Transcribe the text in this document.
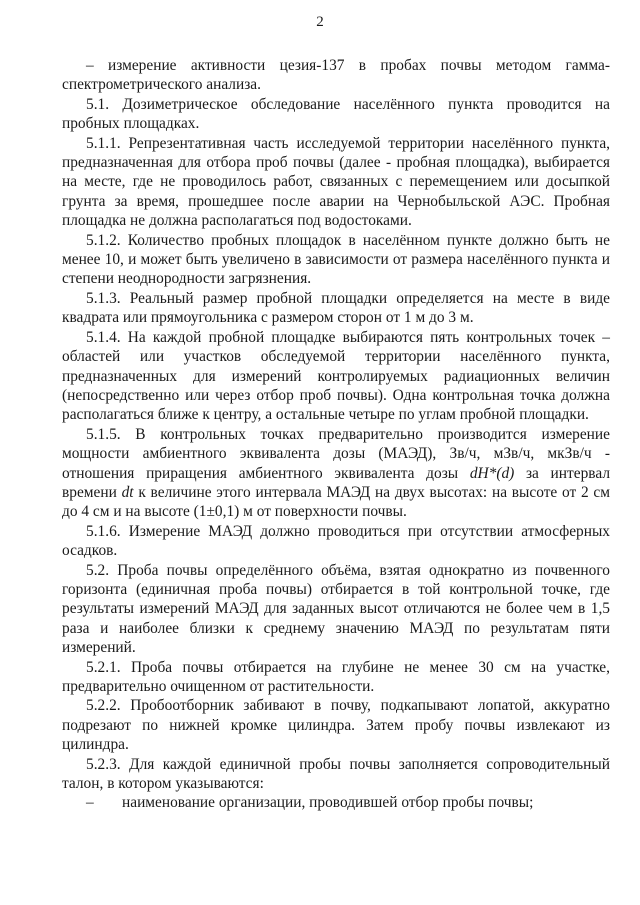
2

– измерение активности цезия-137 в пробах почвы методом гамма-спектрометрического анализа.

5.1. Дозиметрическое обследование населённого пункта проводится на пробных площадках.

5.1.1. Репрезентативная часть исследуемой территории населённого пункта, предназначенная для отбора проб почвы (далее - пробная площадка), выбирается на месте, где не проводилось работ, связанных с перемещением или досыпкой грунта за время, прошедшее после аварии на Чернобыльской АЭС. Пробная площадка не должна располагаться под водостоками.

5.1.2. Количество пробных площадок в населённом пункте должно быть не менее 10, и может быть увеличено в зависимости от размера населённого пункта и степени неоднородности загрязнения.

5.1.3. Реальный размер пробной площадки определяется на месте в виде квадрата или прямоугольника с размером сторон от 1 м до 3 м.

5.1.4. На каждой пробной площадке выбираются пять контрольных точек – областей или участков обследуемой территории населённого пункта, предназначенных для измерений контролируемых радиационных величин (непосредственно или через отбор проб почвы). Одна контрольная точка должна располагаться ближе к центру, а остальные четыре по углам пробной площадки.

5.1.5. В контрольных точках предварительно производится измерение мощности амбиентного эквивалента дозы (МАЭД), Зв/ч, мЗв/ч, мкЗв/ч - отношения приращения амбиентного эквивалента дозы dH*(d) за интервал времени dt к величине этого интервала МАЭД на двух высотах: на высоте от 2 см до 4 см и на высоте (1±0,1) м от поверхности почвы.

5.1.6. Измерение МАЭД должно проводиться при отсутствии атмосферных осадков.

5.2. Проба почвы определённого объёма, взятая однократно из почвенного горизонта (единичная проба почвы) отбирается в той контрольной точке, где результаты измерений МАЭД для заданных высот отличаются не более чем в 1,5 раза и наиболее близки к среднему значению МАЭД по результатам пяти измерений.

5.2.1. Проба почвы отбирается на глубине не менее 30 см на участке, предварительно очищенном от растительности.

5.2.2. Пробоотборник забивают в почву, подкапывают лопатой, аккуратно подрезают по нижней кромке цилиндра. Затем пробу почвы извлекают из цилиндра.

5.2.3. Для каждой единичной пробы почвы заполняется сопроводительный талон, в котором указываются:

– наименование организации, проводившей отбор пробы почвы;
